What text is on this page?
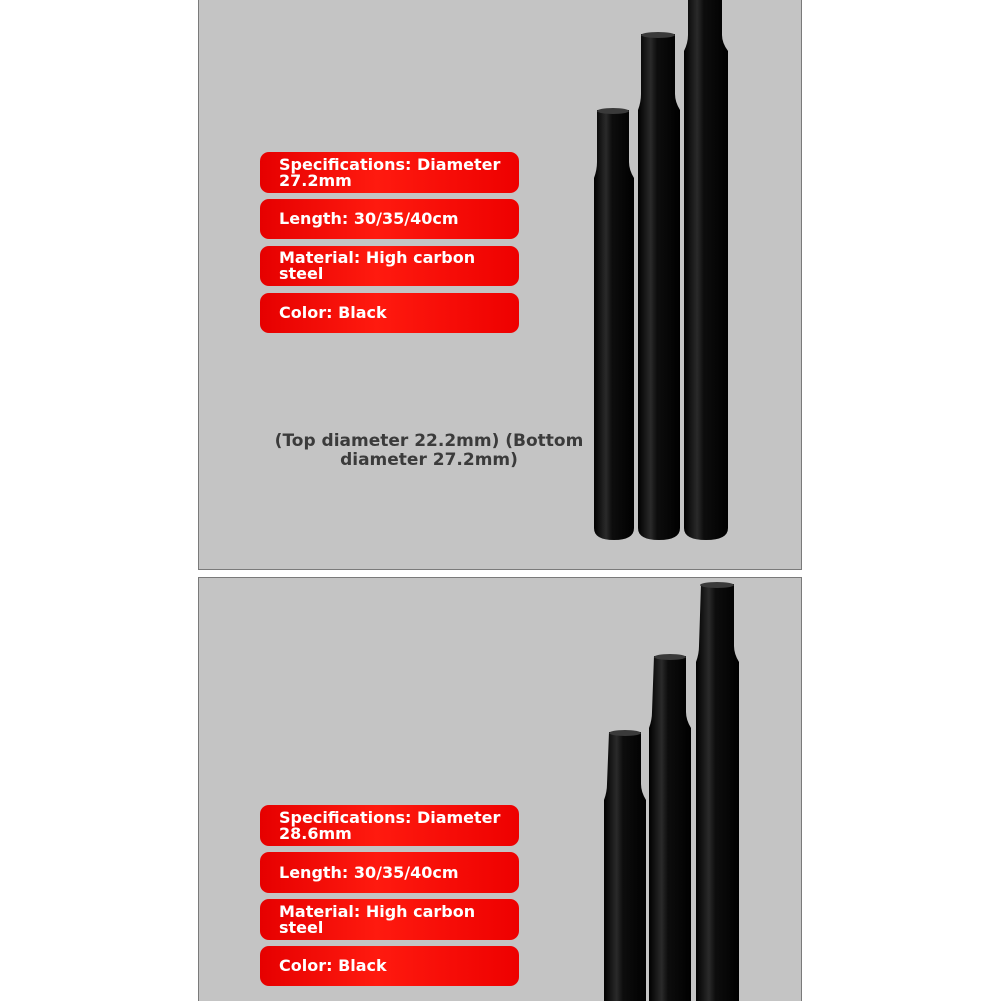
Specifications: Diameter 27.2mm
Length: 30/35/40cm
Material: High carbon steel
Color: Black
(Top diameter 22.2mm) (Bottom diameter 27.2mm)
Specifications: Diameter 28.6mm
Length: 30/35/40cm
Material: High carbon steel
Color: Black
